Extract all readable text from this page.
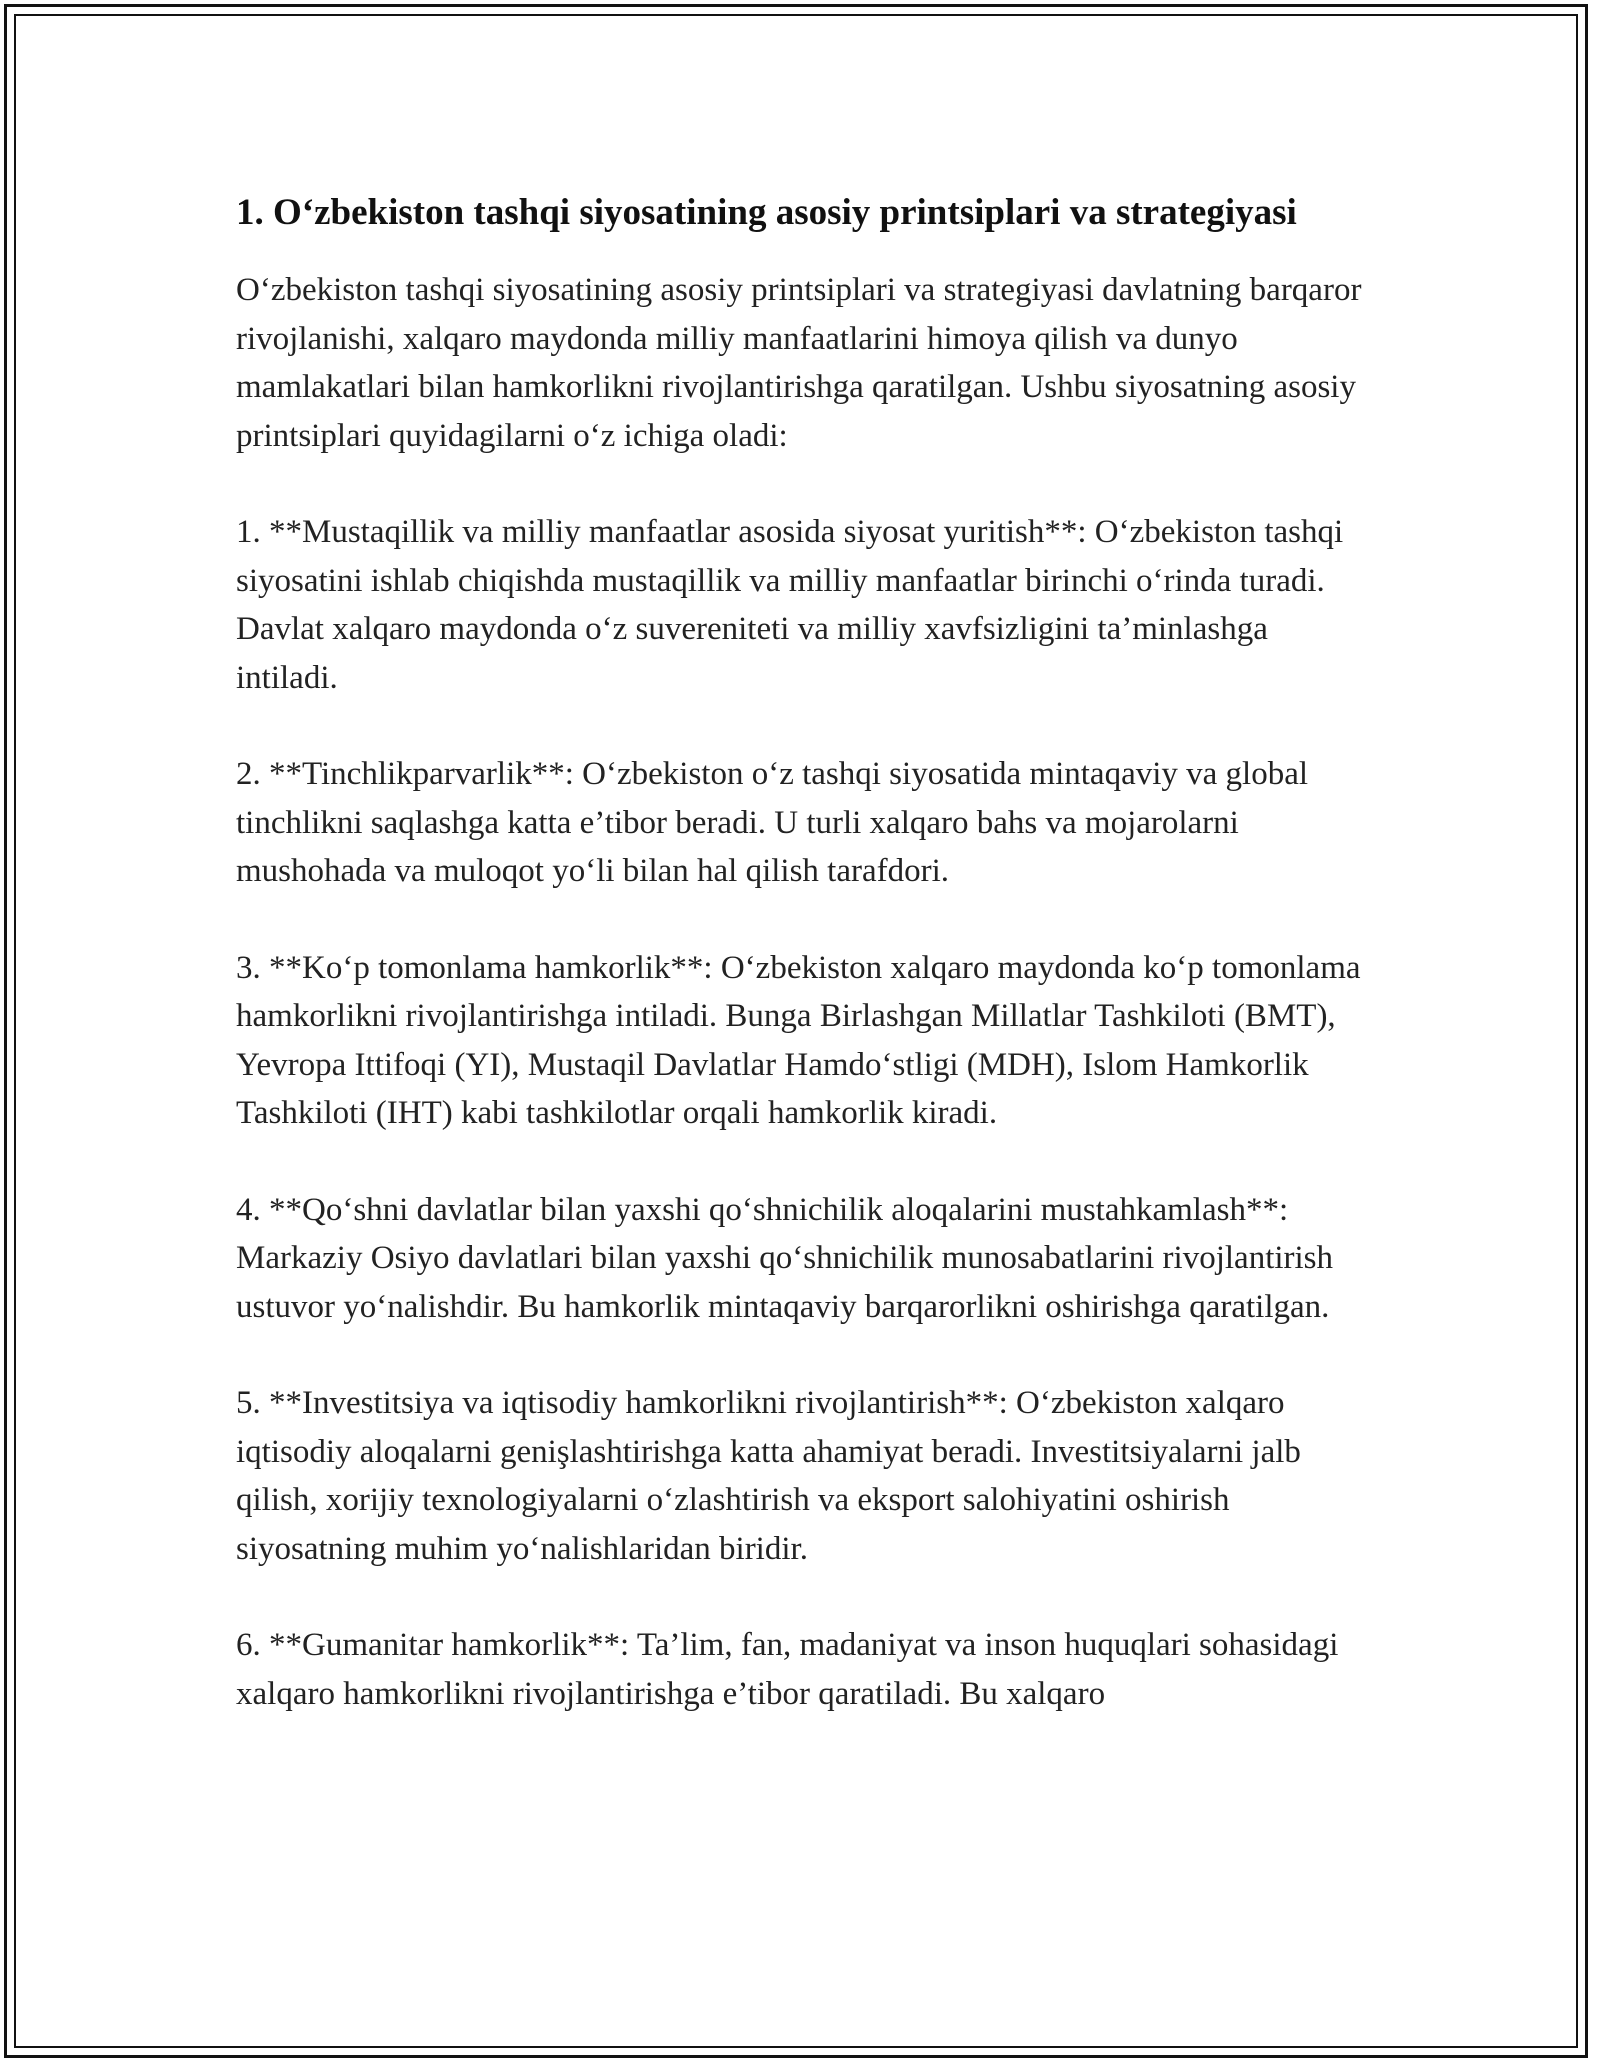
1. O‘zbekiston tashqi siyosatining asosiy printsiplari va strategiyasi

O‘zbekiston tashqi siyosatining asosiy printsiplari va strategiyasi davlatning barqaror rivojlanishi, xalqaro maydonda milliy manfaatlarini himoya qilish va dunyo mamlakatlari bilan hamkorlikni rivojlantirishga qaratilgan. Ushbu siyosatning asosiy printsiplari quyidagilarni o‘z ichiga oladi:

1. **Mustaqillik va milliy manfaatlar asosida siyosat yuritish**: O‘zbekiston tashqi siyosatini ishlab chiqishda mustaqillik va milliy manfaatlar birinchi o‘rinda turadi. Davlat xalqaro maydonda o‘z suvereniteti va milliy xavfsizligini ta’minlashga intiladi.

2. **Tinchlikparvarlik**: O‘zbekiston o‘z tashqi siyosatida mintaqaviy va global tinchlikni saqlashga katta e’tibor beradi. U turli xalqaro bahs va mojarolarni mushohada va muloqot yo‘li bilan hal qilish tarafdori.

3. **Ko‘p tomonlama hamkorlik**: O‘zbekiston xalqaro maydonda ko‘p tomonlama hamkorlikni rivojlantirishga intiladi. Bunga Birlashgan Millatlar Tashkiloti (BMT), Yevropa Ittifoqi (YI), Mustaqil Davlatlar Hamdo‘stligi (MDH), Islom Hamkorlik Tashkiloti (IHT) kabi tashkilotlar orqali hamkorlik kiradi.

4. **Qo‘shni davlatlar bilan yaxshi qo‘shnichilik aloqalarini mustahkamlash**: Markaziy Osiyo davlatlari bilan yaxshi qo‘shnichilik munosabatlarini rivojlantirish ustuvor yo‘nalishdir. Bu hamkorlik mintaqaviy barqarorlikni oshirishga qaratilgan.

5. **Investitsiya va iqtisodiy hamkorlikni rivojlantirish**: O‘zbekiston xalqaro iqtisodiy aloqalarni genişlashtirishga katta ahamiyat beradi. Investitsiyalarni jalb qilish, xorijiy texnologiyalarni o‘zlashtirish va eksport salohiyatini oshirish siyosatning muhim yo‘nalishlaridan biridir.

6. **Gumanitar hamkorlik**: Ta’lim, fan, madaniyat va inson huquqlari sohasidagi xalqaro hamkorlikni rivojlantirishga e’tibor qaratiladi. Bu xalqaro
